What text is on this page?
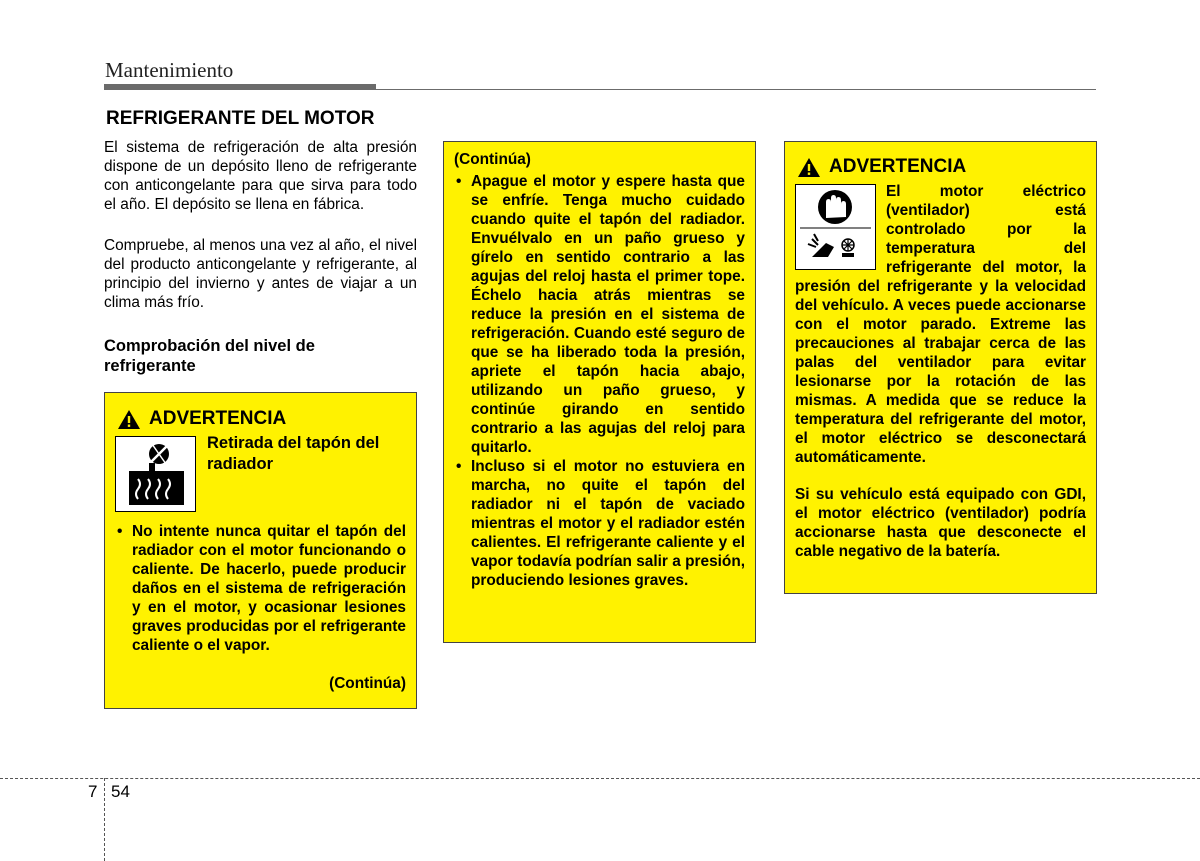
Mantenimiento
REFRIGERANTE DEL MOTOR
El sistema de refrigeración de alta presión dispone de un depósito lleno de refrigerante con anticongelante para que sirva para todo el año. El depósito se llena en fábrica.
Compruebe, al menos una vez al año, el nivel del producto anticongelante y refrigerante, al principio del invierno y antes de viajar a un clima más frío.
Comprobación del nivel de refrigerante
ADVERTENCIA
Retirada del tapón del radiador
• No intente nunca quitar el tapón del radiador con el motor funcionando o caliente. De hacerlo, puede producir daños en el sistema de refrigeración y en el motor, y ocasionar lesiones graves producidas por el refrigerante caliente o el vapor.
(Continúa)
(Continúa)
• Apague el motor y espere hasta que se enfríe. Tenga mucho cuidado cuando quite el tapón del radiador. Envuélvalo en un paño grueso y gírelo en sentido contrario a las agujas del reloj hasta el primer tope. Échelo hacia atrás mientras se reduce la presión en el sistema de refrigeración. Cuando esté seguro de que se ha liberado toda la presión, apriete el tapón hacia abajo, utilizando un paño grueso, y continúe girando en sentido contrario a las agujas del reloj para quitarlo.
• Incluso si el motor no estuviera en marcha, no quite el tapón del radiador ni el tapón de vaciado mientras el motor y el radiador estén calientes. El refrigerante caliente y el vapor todavía podrían salir a presión, produciendo lesiones graves.
ADVERTENCIA
Si su vehículo está equipado con GDI, el motor eléctrico (ventilador) podría accionarse hasta que desconecte el cable negativo de la batería.
El motor eléctrico (ventilador) está controlado por la temperatura del refrigerante del motor, la presión del refrigerante y la velocidad del vehículo. A veces puede accionarse con el motor parado. Extreme las precauciones al trabajar cerca de las palas del ventilador para evitar lesionarse por la rotación de las mismas. A medida que se reduce la temperatura del refrigerante del motor, el motor eléctrico se desconectará automáticamente.
7 54
